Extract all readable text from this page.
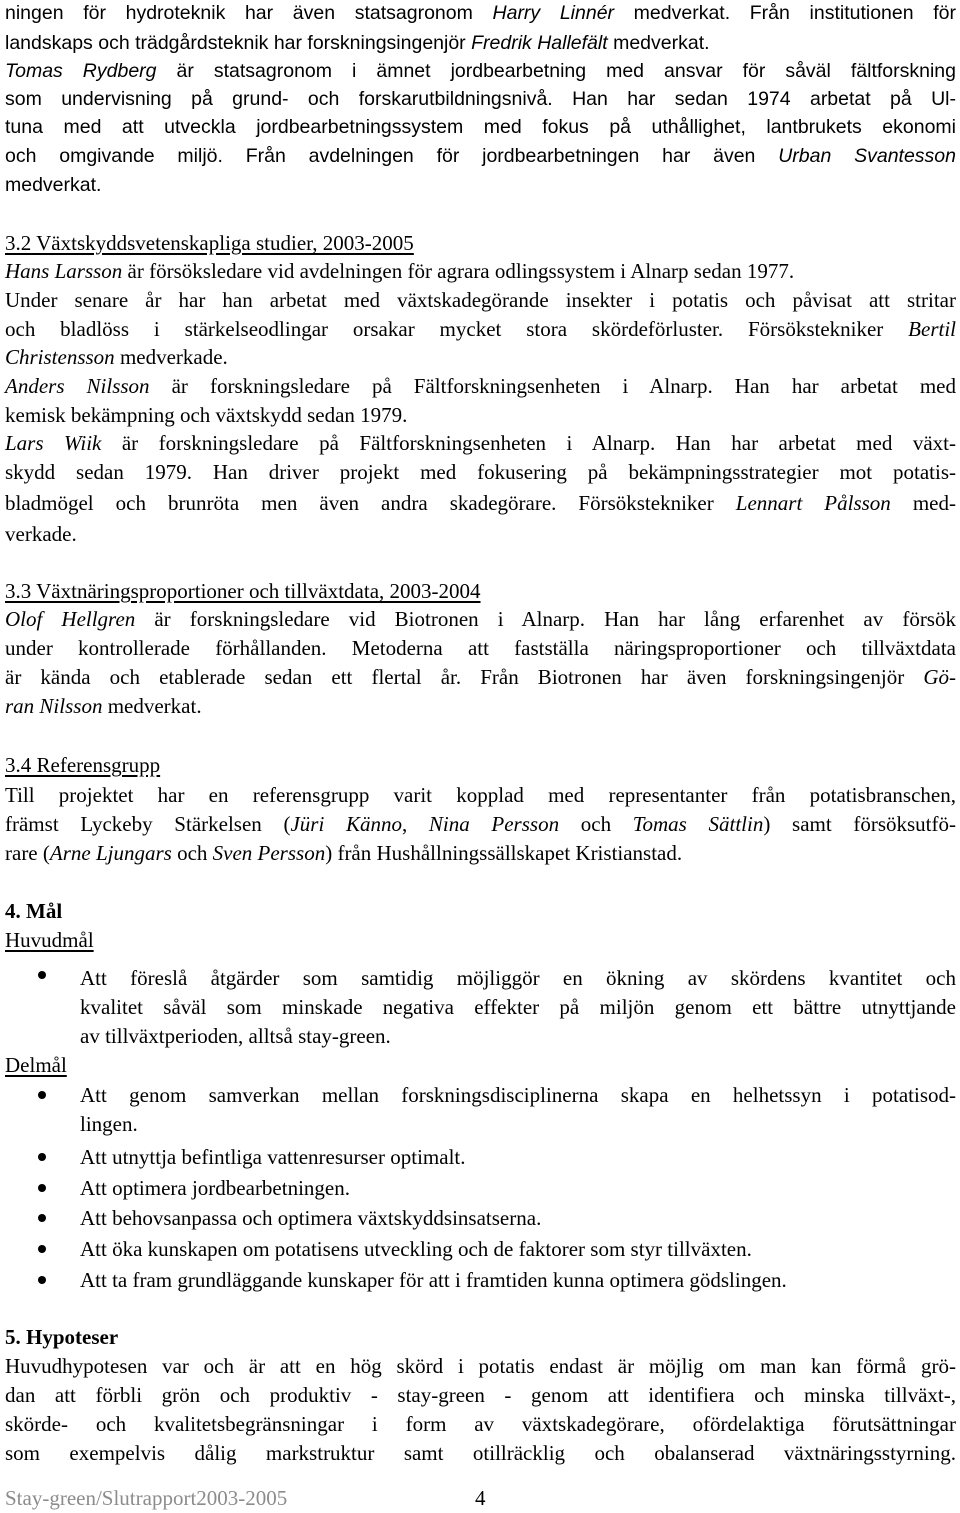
ningen för hydroteknik har även statsagronom Harry Linnér medverkat. Från institutionen för
landskaps och trädgårdsteknik har forskningsingenjör Fredrik Hallefält medverkat.
Tomas Rydberg är statsagronom i ämnet jordbearbetning med ansvar för såväl fältforskning
som undervisning på grund- och forskarutbildningsnivå. Han har sedan 1974 arbetat på Ul-
tuna med att utveckla jordbearbetningssystem med fokus på uthållighet, lantbrukets ekonomi
och omgivande miljö. Från avdelningen för jordbearbetningen har även Urban Svantesson
medverkat.
3.2 Växtskyddsvetenskapliga studier, 2003-2005
Hans Larsson är försöksledare vid avdelningen för agrara odlingssystem i Alnarp sedan 1977.
Under senare år har han arbetat med växtskadegörande insekter i potatis och påvisat att stritar
och bladlöss i stärkelseodlingar orsakar mycket stora skördeförluster. Försökstekniker Bertil
Christensson medverkade.
Anders Nilsson är forskningsledare på Fältforskningsenheten i Alnarp. Han har arbetat med
kemisk bekämpning och växtskydd sedan 1979.
Lars Wiik är forskningsledare på Fältforskningsenheten i Alnarp. Han har arbetat med växt-
skydd sedan 1979. Han driver projekt med fokusering på bekämpningsstrategier mot potatis-
bladmögel och brunröta men även andra skadegörare. Försökstekniker Lennart Pålsson med-
verkade.
3.3 Växtnäringsproportioner och tillväxtdata, 2003-2004
Olof Hellgren är forskningsledare vid Biotronen i Alnarp. Han har lång erfarenhet av försök
under kontrollerade förhållanden. Metoderna att fastställa näringsproportioner och tillväxtdata
är kända och etablerade sedan ett flertal år. Från Biotronen har även forskningsingenjör Gö-
ran Nilsson medverkat.
3.4 Referensgrupp
Till projektet har en referensgrupp varit kopplad med representanter från potatisbranschen,
främst Lyckeby Stärkelsen (Jüri Känno, Nina Persson och Tomas Sättlin) samt försöksutfö-
rare (Arne Ljungars och Sven Persson) från Hushållningssällskapet Kristianstad.
4. Mål
Huvudmål
Att föreslå åtgärder som samtidig möjliggör en ökning av skördens kvantitet och
kvalitet såväl som minskade negativa effekter på miljön genom ett bättre utnyttjande
av tillväxtperioden, alltså stay-green.
Delmål
Att genom samverkan mellan forskningsdisciplinerna skapa en helhetssyn i potatisod-
lingen.
Att utnyttja befintliga vattenresurser optimalt.
Att optimera jordbearbetningen.
Att behovsanpassa och optimera växtskyddsinsatserna.
Att öka kunskapen om potatisens utveckling och de faktorer som styr tillväxten.
Att ta fram grundläggande kunskaper för att i framtiden kunna optimera gödslingen.
5. Hypoteser
Huvudhypotesen var och är att en hög skörd i potatis endast är möjlig om man kan förmå grö-
dan att förbli grön och produktiv - stay-green - genom att identifiera och minska tillväxt-,
skörde- och kvalitetsbegränsningar i form av växtskadegörare, ofördelaktiga förutsättningar
som exempelvis dålig markstruktur samt otillräcklig och obalanserad växtnäringsstyrning.
Stay-green/Slutrapport2003-2005	4
